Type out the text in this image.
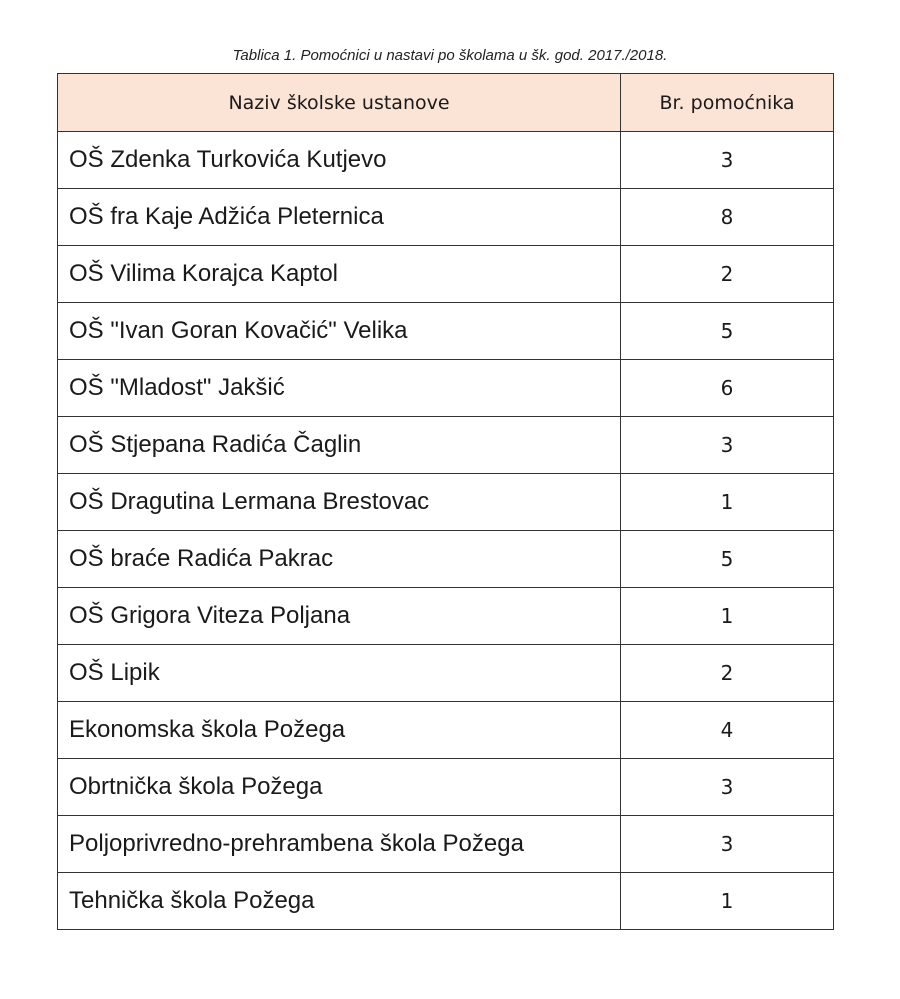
Tablica 1. Pomoćnici u nastavi po školama u šk. god. 2017./2018.
Naziv školske ustanove	Br. pomoćnika
OŠ Zdenka Turkovića Kutjevo	3
OŠ fra Kaje Adžića Pleternica	8
OŠ Vilima Korajca Kaptol	2
OŠ "Ivan Goran Kovačić" Velika	5
OŠ "Mladost" Jakšić	6
OŠ Stjepana Radića Čaglin	3
OŠ Dragutina Lermana Brestovac	1
OŠ braće Radića Pakrac	5
OŠ Grigora Viteza Poljana	1
OŠ Lipik	2
Ekonomska škola Požega	4
Obrtnička škola Požega	3
Poljoprivredno-prehrambena škola Požega	3
Tehnička škola Požega	1
